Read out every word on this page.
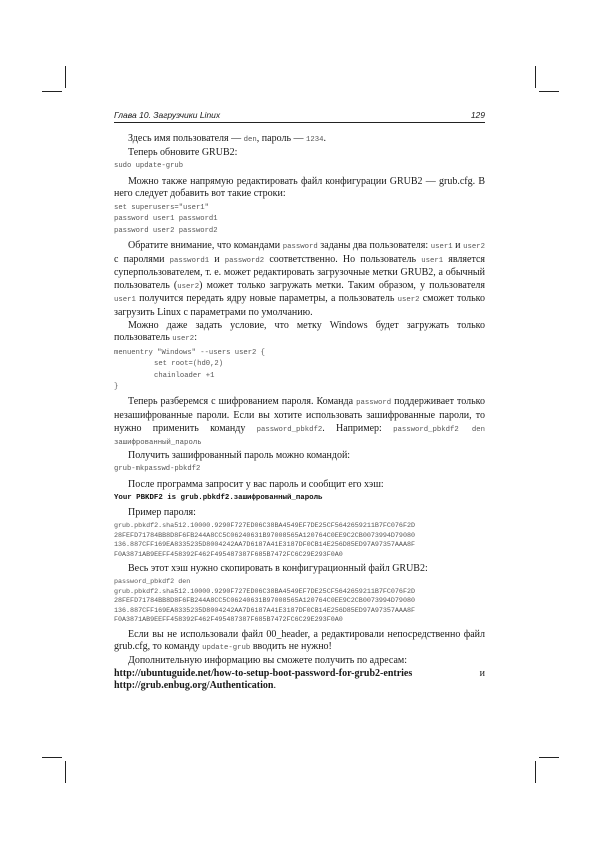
Глава 10. Загрузчики Linux	129

Здесь имя пользователя — den, пароль — 1234.

Теперь обновите GRUB2:

sudo update-grub

Можно также напрямую редактировать файл конфигурации GRUB2 — grub.cfg. В него следует добавить вот такие строки:

set superusers="user1"
password user1 password1
password user2 password2

Обратите внимание, что командами password заданы два пользователя: user1 и user2 с паролями password1 и password2 соответственно. Но пользователь user1 является суперпользователем, т. е. может редактировать загрузочные метки GRUB2, а обычный пользователь (user2) может только загружать метки. Таким образом, у пользователя user1 получится передать ядру новые параметры, а пользователь user2 сможет только загрузить Linux с параметрами по умолчанию.

Можно даже задать условие, что метку Windows будет загружать только пользователь user2:

menuentry "Windows" --users user2 {
set root=(hd0,2)
chainloader +1
}

Теперь разберемся с шифрованием пароля. Команда password поддерживает только незашифрованные пароли. Если вы хотите использовать зашифрованные пароли, то нужно применить команду password_pbkdf2. Например: password_pbkdf2 den зашифрованный_пароль

Получить зашифрованный пароль можно командой:

grub-mkpasswd-pbkdf2

После программа запросит у вас пароль и сообщит его хэш:

Your PBKDF2 is grub.pbkdf2.зашифрованный_пароль

Пример пароля:

grub.pbkdf2.sha512.10000.9290F727ED06C38BA4549EF7DE25CF5642659211B7FC076F2D
28FEFD71784BB8D8F6FB244A8CC5C06240631B97008565A120764C0EE9C2CB0073994D79080
136.887CFF169EA8335235D8004242AA7D6187A41E3187DF0CB14E256D85ED97A97357AAA8F
F0A3871AB9EEFF458392F462F495487387F685B7472FC6C29E293F0A0

Весь этот хэш нужно скопировать в конфигурационный файл GRUB2:

password_pbkdf2 den
grub.pbkdf2.sha512.10000.9290F727ED06C38BA4549EF7DE25CF5642659211B7FC076F2D
28FEFD71784BB8D8F6FB244A8CC5C06240631B97008565A120764C0EE9C2CB0073994D79080
136.887CFF169EA8335235D8004242AA7D6187A41E3187DF0CB14E256D85ED97A97357AAA8F
F0A3871AB9EEFF458392F462F495487387F685B7472FC6C29E293F0A0

Если вы не использовали файл 00_header, а редактировали непосредственно файл grub.cfg, то команду update-grub вводить не нужно!

Дополнительную информацию вы сможете получить по адресам:

http://ubuntuguide.net/how-to-setup-boot-password-for-grub2-entries и http://grub.enbug.org/Authentication.
